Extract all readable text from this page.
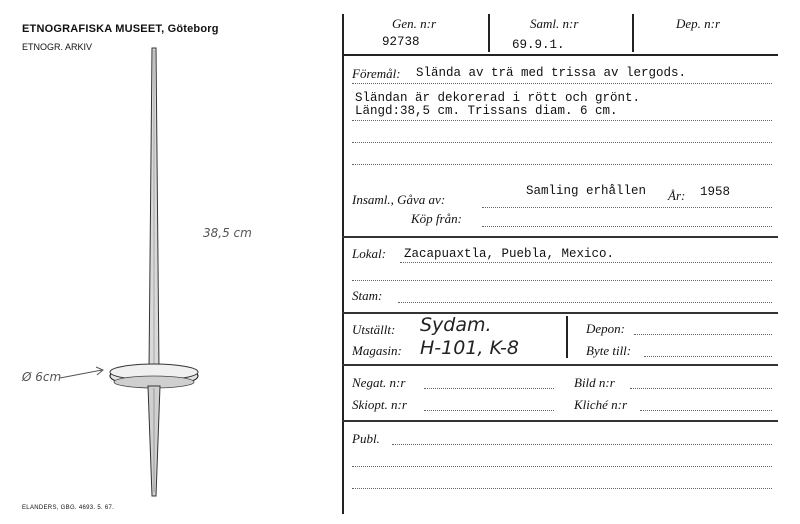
ETNOGRAFISKA MUSEET, Göteborg
ETNOGR. ARKIV
38,5 cm
Ø 6cm
ELANDERS, GBG. 4693. 5. 67.
Gen. n:r
92738
Saml. n:r
69.9.1.
Dep. n:r
Föremål: Slända av trä med trissa av lergods.
Sländan är dekorerad i rött och grönt.
Längd:38,5 cm. Trissans diam. 6 cm.
Insaml., Gåva av:
Samling erhållen År: 1958
Köp från:
Lokal: Zacapuaxtla, Puebla, Mexico.
Stam:
Utställt: Sydam.
Magasin: H-101, K-8
Depon:
Byte till:
Negat. n:r	Bild n:r
Skiopt. n:r	Kliché n:r
Publ.
